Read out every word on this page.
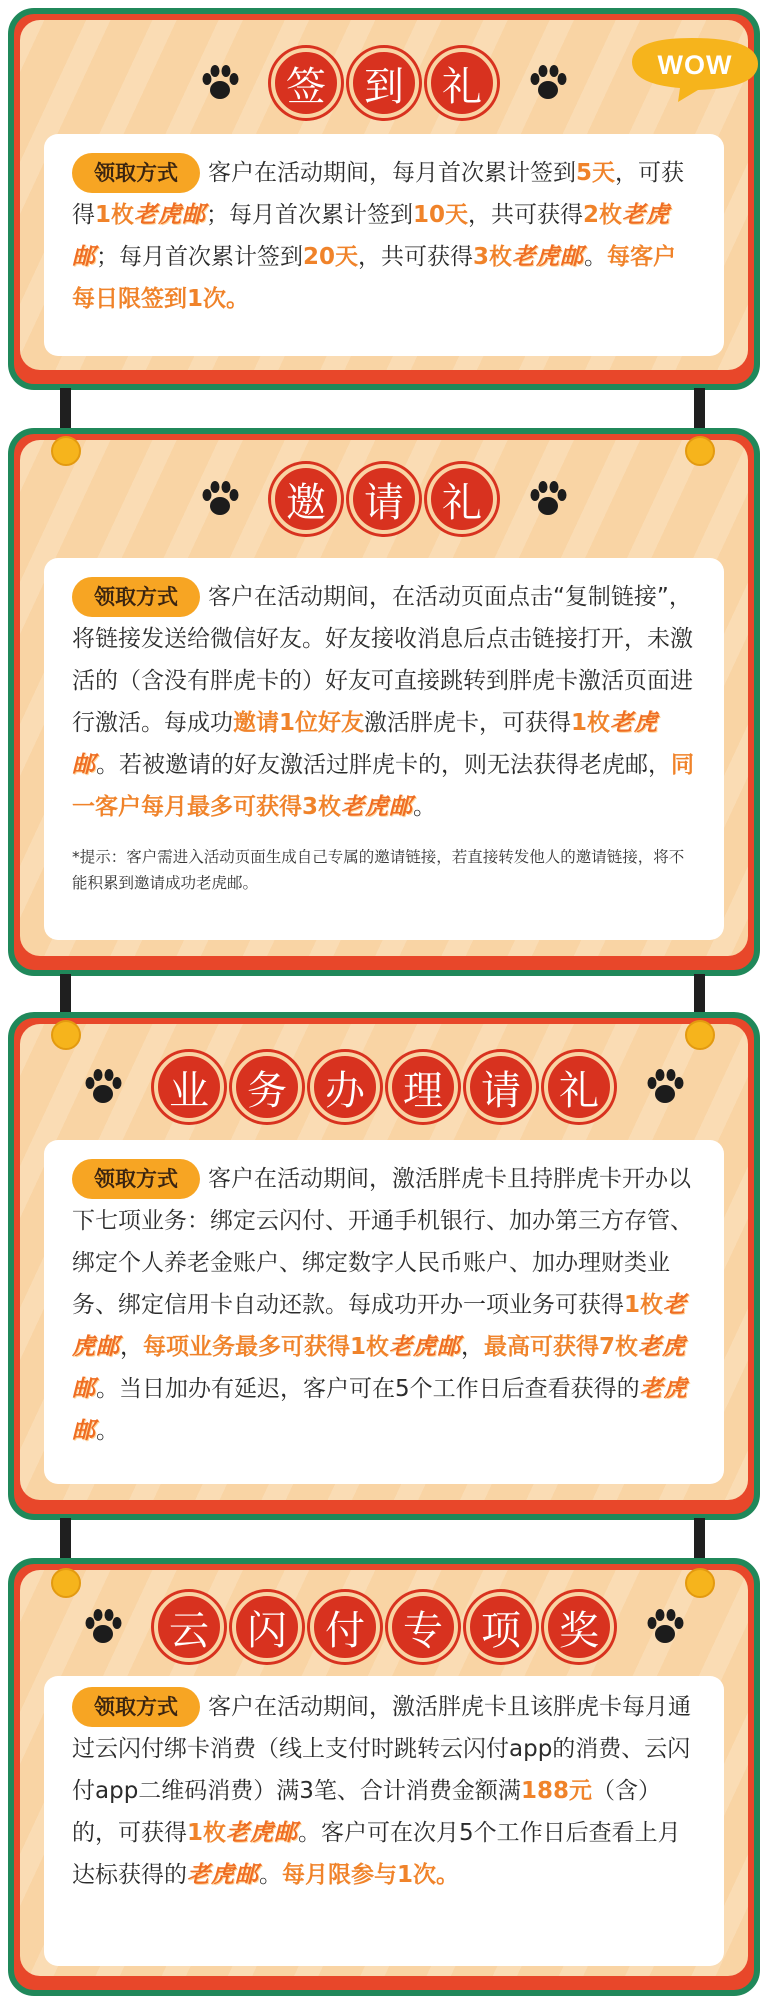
签 到 礼
领取方式 客户在活动期间，每月首次累计签到5天，可获得1枚老虎邮；每月首次累计签到10天，共可获得2枚老虎邮；每月首次累计签到20天，共可获得3枚老虎邮。每客户每日限签到1次。
WOW
邀 请 礼
领取方式 客户在活动期间，在活动页面点击“复制链接”，将链接发送给微信好友。好友接收消息后点击链接打开，未激活的（含没有胖虎卡的）好友可直接跳转到胖虎卡激活页面进行激活。每成功邀请1位好友激活胖虎卡，可获得1枚老虎邮。若被邀请的好友激活过胖虎卡的，则无法获得老虎邮，同一客户每月最多可获得3枚老虎邮。
*提示：客户需进入活动页面生成自己专属的邀请链接，若直接转发他人的邀请链接，将不能积累到邀请成功老虎邮。
业 务 办 理 请 礼
领取方式 客户在活动期间，激活胖虎卡且持胖虎卡开办以下七项业务：绑定云闪付、开通手机银行、加办第三方存管、绑定个人养老金账户、绑定数字人民币账户、加办理财类业务、绑定信用卡自动还款。每成功开办一项业务可获得1枚老虎邮，每项业务最多可获得1枚老虎邮，最高可获得7枚老虎邮。当日加办有延迟，客户可在5个工作日后查看获得的老虎邮。
云 闪 付 专 项 奖
领取方式 客户在活动期间，激活胖虎卡且该胖虎卡每月通过云闪付绑卡消费（线上支付时跳转云闪付app的消费、云闪付app二维码消费）满3笔、合计消费金额满188元（含）的，可获得1枚老虎邮。客户可在次月5个工作日后查看上月达标获得的老虎邮。每月限参与1次。
